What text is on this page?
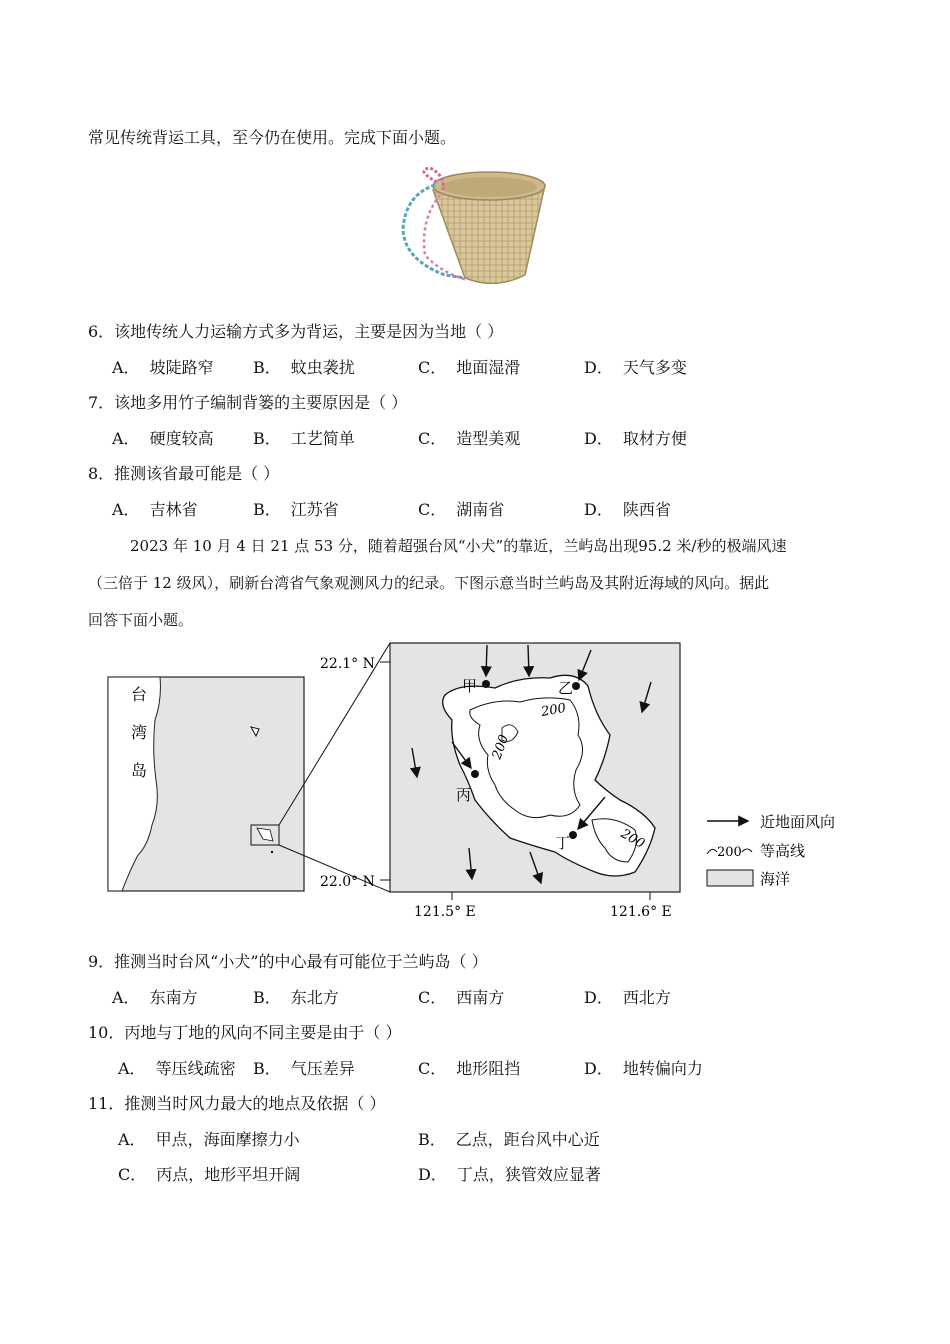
常见传统背运工具，至今仍在使用。完成下面小题。
6．该地传统人力运输方式多为背运，主要是因为当地（ ）
A． 坡陡路窄 B． 蚊虫袭扰	C． 地面湿滑	D． 天气多变
7．该地多用竹子编制背篓的主要原因是（ ）
A． 硬度较高 B． 工艺简单	C． 造型美观	D． 取材方便
8．推测该省最可能是（ ）
A． 吉林省	B． 江苏省	C． 湖南省	D． 陕西省
2023 年 10 月 4 日 21 点 53 分，随着超强台风“小犬”的靠近，兰屿岛出现95.2 米/秒的极端风速
（三倍于 12 级风），刷新台湾省气象观测风力的纪录。下图示意当时兰屿岛及其附近海域的风向。据此
回答下面小题。
台
湾
岛
200
200
200
甲	乙
丙
丁
22.1° N
22.0° N
121.5° E	121.6° E
近地面风向
200 等高线
海洋
9．推测当时台风“小犬”的中心最有可能位于兰屿岛（ ）
A． 东南方	B． 东北方	C． 西南方	D． 西北方
10．丙地与丁地的风向不同主要是由于（ ）
A． 等压线疏密 B． 气压差异	C． 地形阻挡	D． 地转偏向力
11．推测当时风力最大的地点及依据（ ）
A． 甲点，海面摩擦力小	B． 乙点，距台风中心近
C． 丙点，地形平坦开阔	D． 丁点，狭管效应显著
